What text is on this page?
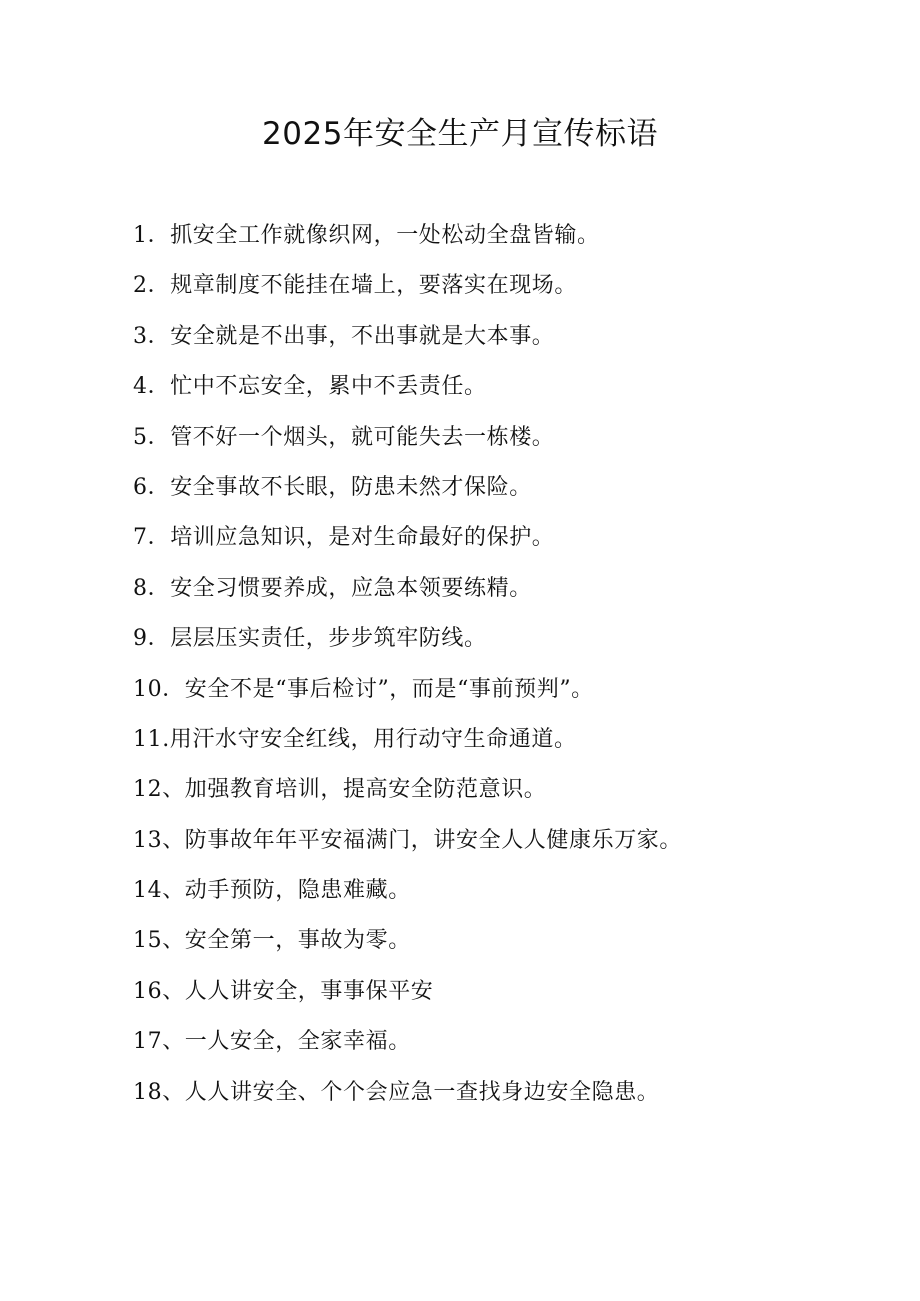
2025年安全生产月宣传标语
1．抓安全工作就像织网，一处松动全盘皆输。
2．规章制度不能挂在墙上，要落实在现场。
3．安全就是不出事，不出事就是大本事。
4．忙中不忘安全，累中不丢责任。
5．管不好一个烟头，就可能失去一栋楼。
6．安全事故不长眼，防患未然才保险。
7．培训应急知识，是对生命最好的保护。
8．安全习惯要养成，应急本领要练精。
9．层层压实责任，步步筑牢防线。
10．安全不是“事后检讨”，而是“事前预判”。
11.用汗水守安全红线，用行动守生命通道。
12、加强教育培训，提高安全防范意识。
13、防事故年年平安福满门，讲安全人人健康乐万家。
14、动手预防，隐患难藏。
15、安全第一，事故为零。
16、人人讲安全，事事保平安
17、一人安全，全家幸福。
18、人人讲安全、个个会应急一查找身边安全隐患。
